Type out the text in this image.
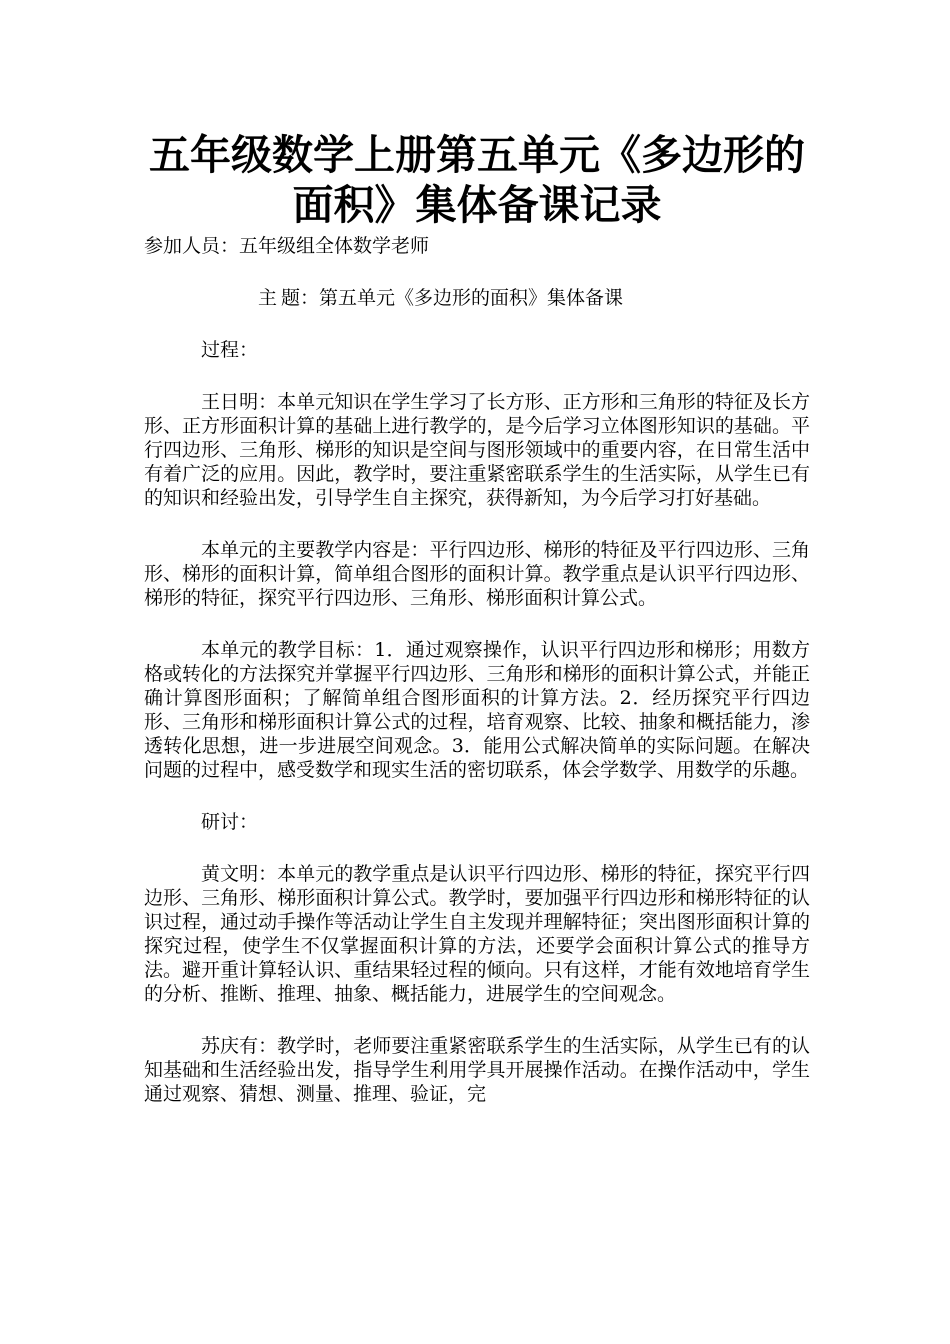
五年级数学上册第五单元《多边形的面积》集体备课记录

参加人员：五年级组全体数学老师

主 题：第五单元《多边形的面积》集体备课

过程：

王日明：本单元知识在学生学习了长方形、正方形和三角形的特征及长方形、正方形面积计算的基础上进行教学的，是今后学习立体图形知识的基础。平行四边形、三角形、梯形的知识是空间与图形领域中的重要内容，在日常生活中有着广泛的应用。因此，教学时，要注重紧密联系学生的生活实际，从学生已有的知识和经验出发，引导学生自主探究，获得新知，为今后学习打好基础。

本单元的主要教学内容是：平行四边形、梯形的特征及平行四边形、三角形、梯形的面积计算，简单组合图形的面积计算。教学重点是认识平行四边形、梯形的特征，探究平行四边形、三角形、梯形面积计算公式。

本单元的教学目标：1．通过观察操作，认识平行四边形和梯形；用数方格或转化的方法探究并掌握平行四边形、三角形和梯形的面积计算公式，并能正确计算图形面积；了解简单组合图形面积的计算方法。2．经历探究平行四边形、三角形和梯形面积计算公式的过程，培育观察、比较、抽象和概括能力，渗透转化思想，进一步进展空间观念。3．能用公式解决简单的实际问题。在解决问题的过程中，感受数学和现实生活的密切联系，体会学数学、用数学的乐趣。

研讨：

黄文明：本单元的教学重点是认识平行四边形、梯形的特征，探究平行四边形、三角形、梯形面积计算公式。教学时，要加强平行四边形和梯形特征的认识过程，通过动手操作等活动让学生自主发现并理解特征；突出图形面积计算的探究过程，使学生不仅掌握面积计算的方法，还要学会面积计算公式的推导方法。避开重计算轻认识、重结果轻过程的倾向。只有这样，才能有效地培育学生的分析、推断、推理、抽象、概括能力，进展学生的空间观念。

苏庆有：教学时，老师要注重紧密联系学生的生活实际，从学生已有的认知基础和生活经验出发，指导学生利用学具开展操作活动。在操作活动中，学生通过观察、猜想、测量、推理、验证，完
